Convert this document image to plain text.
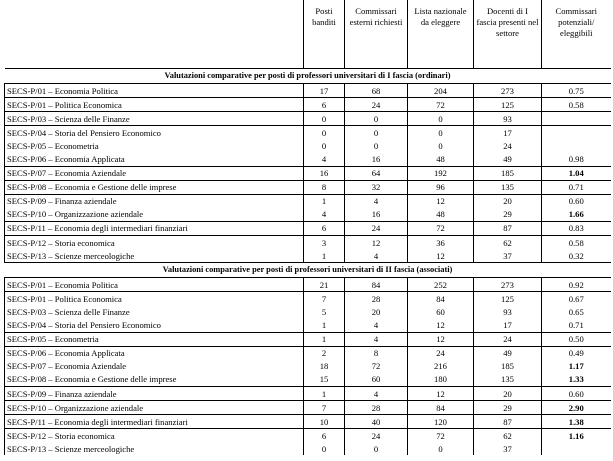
	Posti banditi	Commissari esterni richiesti	Lista nazionale da eleggere	Docenti di I fascia presenti nel settore	Commissari potenziali/ eleggibili
Valutazioni comparative per posti di professori universitari di I fascia (ordinari)					
SECS-P/01 – Economia Politica	17	68	204	273	0.75
SECS-P/01 – Politica Economica	6	24	72	125	0.58
SECS-P/03 – Scienza delle Finanze	0	0	0	93	
SECS-P/04 – Storia del Pensiero Economico	0	0	0	17	
SECS-P/05 – Econometria	0	0	0	24	
SECS-P/06 – Economia Applicata	4	16	48	49	0.98
SECS-P/07 – Economia Aziendale	16	64	192	185	1.04
SECS-P/08 – Economia e Gestione delle imprese	8	32	96	135	0.71
SECS-P/09 – Finanza aziendale	1	4	12	20	0.60
SECS-P/10 – Organizzazione aziendale	4	16	48	29	1.66
SECS-P/11 – Economia degli intermediari finanziari	6	24	72	87	0.83
SECS-P/12 – Storia economica	3	12	36	62	0.58
SECS-P/13 – Scienze merceologiche	1	4	12	37	0.32
Valutazioni comparative per posti di professori universitari di II fascia (associati)					
SECS-P/01 – Economia Politica	21	84	252	273	0.92
SECS-P/01 – Politica Economica	7	28	84	125	0.67
SECS-P/03 – Scienza delle Finanze	5	20	60	93	0.65
SECS-P/04 – Storia del Pensiero Economico	1	4	12	17	0.71
SECS-P/05 – Econometria	1	4	12	24	0.50
SECS-P/06 – Economia Applicata	2	8	24	49	0.49
SECS-P/07 – Economia Aziendale	18	72	216	185	1.17
SECS-P/08 – Economia e Gestione delle imprese	15	60	180	135	1.33
SECS-P/09 – Finanza aziendale	1	4	12	20	0.60
SECS-P/10 – Organizzazione aziendale	7	28	84	29	2.90
SECS-P/11 – Economia degli intermediari finanziari	10	40	120	87	1.38
SECS-P/12 – Storia economica	6	24	72	62	1.16
SECS-P/13 – Scienze merceologiche	0	0	0	37	
